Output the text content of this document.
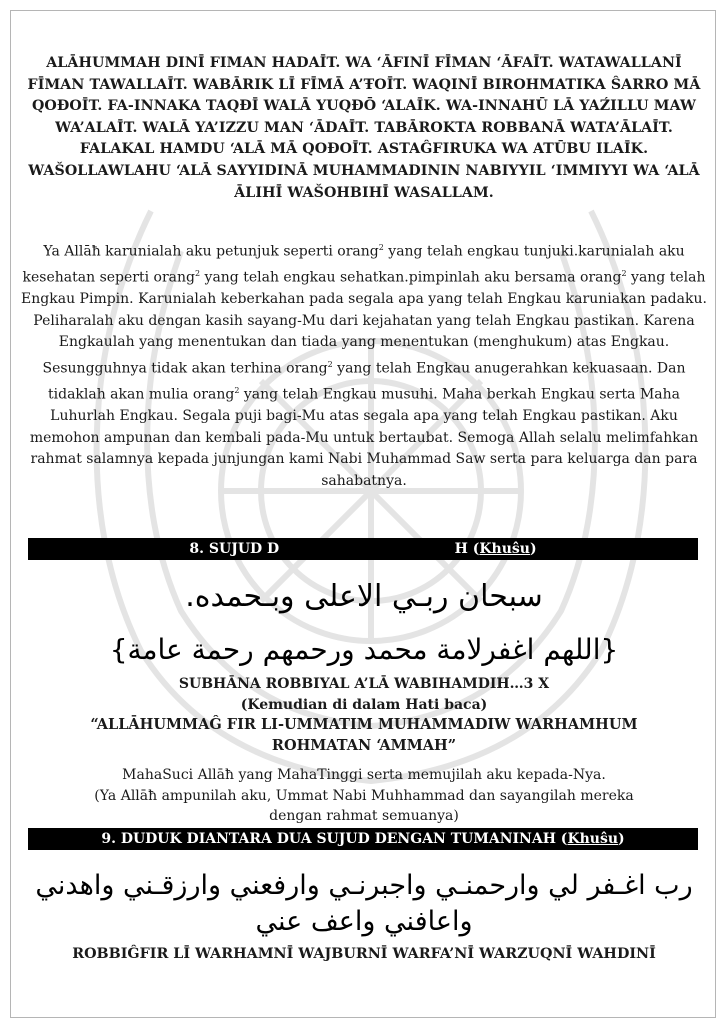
ALĀHUMMAH DINĪ FIMAN HADAĪT. WA ‘ĀFINĪ FĪMAN ‘ĀFAĪT. WATAWALLANĪ FĪMAN TAWALLAĪT. WABĀRIK LĪ FĪMĀ A’ŦOĪT. WAQINĪ BIROHMATIKA ŜARRO MĀ QOĐOĪT. FA-INNAKA TAQĐĪ WALĀ YUQĐŌ ‘ALAĪK. WA-INNAHŪ LĀ YAŹILLU MAW WA’ALAĪT. WALĀ YA’IZZU MAN ‘ĀDAĪT. TABĀROKTA ROBBANĀ WATA’ĀLAĪT. FALAKAL HAMDU ‘ALĀ MĀ QOĐOĪT. ASTAĜFIRUKA WA ATŪBU ILAĪK. WAŠOLLAWLAHU ‘ALĀ SAYYIDINĀ MUHAMMADININ NABIYYIL ‘IMMIYYI WA ‘ALĀ ĀLIHĪ WAŠOHBIHĪ WASALLAM.
Ya Allāħ karunialah aku petunjuk seperti orang$^2$ yang telah engkau tunjuki.karunialah aku kesehatan seperti orang$^2$ yang telah engkau sehatkan.pimpinlah aku bersama orang$^2$ yang telah Engkau Pimpin. Karunialah keberkahan pada segala apa yang telah Engkau karuniakan padaku. Peliharalah aku dengan kasih sayang-Mu dari kejahatan yang telah Engkau pastikan. Karena Engkaulah yang menentukan dan tiada yang menentukan (menghukum) atas Engkau. Sesungguhnya tidak akan terhina orang$^2$ yang telah Engkau anugerahkan kekuasaan. Dan tidaklah akan mulia orang$^2$ yang telah Engkau musuhi. Maha berkah Engkau serta Maha Luhurlah Engkau. Segala puji bagi-Mu atas segala apa yang telah Engkau pastikan. Aku memohon ampunan dan kembali pada-Mu untuk bertaubat. Semoga Allah selalu melimfahkan rahmat salamnya kepada junjungan kami Nabi Muhammad Saw serta para keluarga dan para sahabatnya.
8. SUJUD D	H (Khuŝu)
سبحان ربـي الاعلى وبـحمده.
{اللهم اغفرلامة محمد ورحمهم رحمة عامة}
SUBHĀNA ROBBIYAL A’LĀ WABIHAMDIH…3 X
(Kemudian di dalam Hati baca)
“ALLĀHUMMAĜ FIR LI-UMMATIM MUHAMMADIW WARHAMHUM
ROHMATAN ‘AMMAH”
MahaSuci Allāħ yang MahaTinggi serta memujilah aku kepada-Nya.
(Ya Allāħ ampunilah aku, Ummat Nabi Muhhammad dan sayangilah mereka
dengan rahmat semuanya)
9. DUDUK DIANTARA DUA SUJUD DENGAN TUMANINAH (Khuŝu)
رب اغـفر لي وارحمنـي واجبرنـي وارفعني وارزقـني واهدني
واعافني واعف عني
ROBBIĜFIR LĪ WARHAMNĪ WAJBURNĪ WARFA’NĪ WARZUQNĪ WAHDINĪ
